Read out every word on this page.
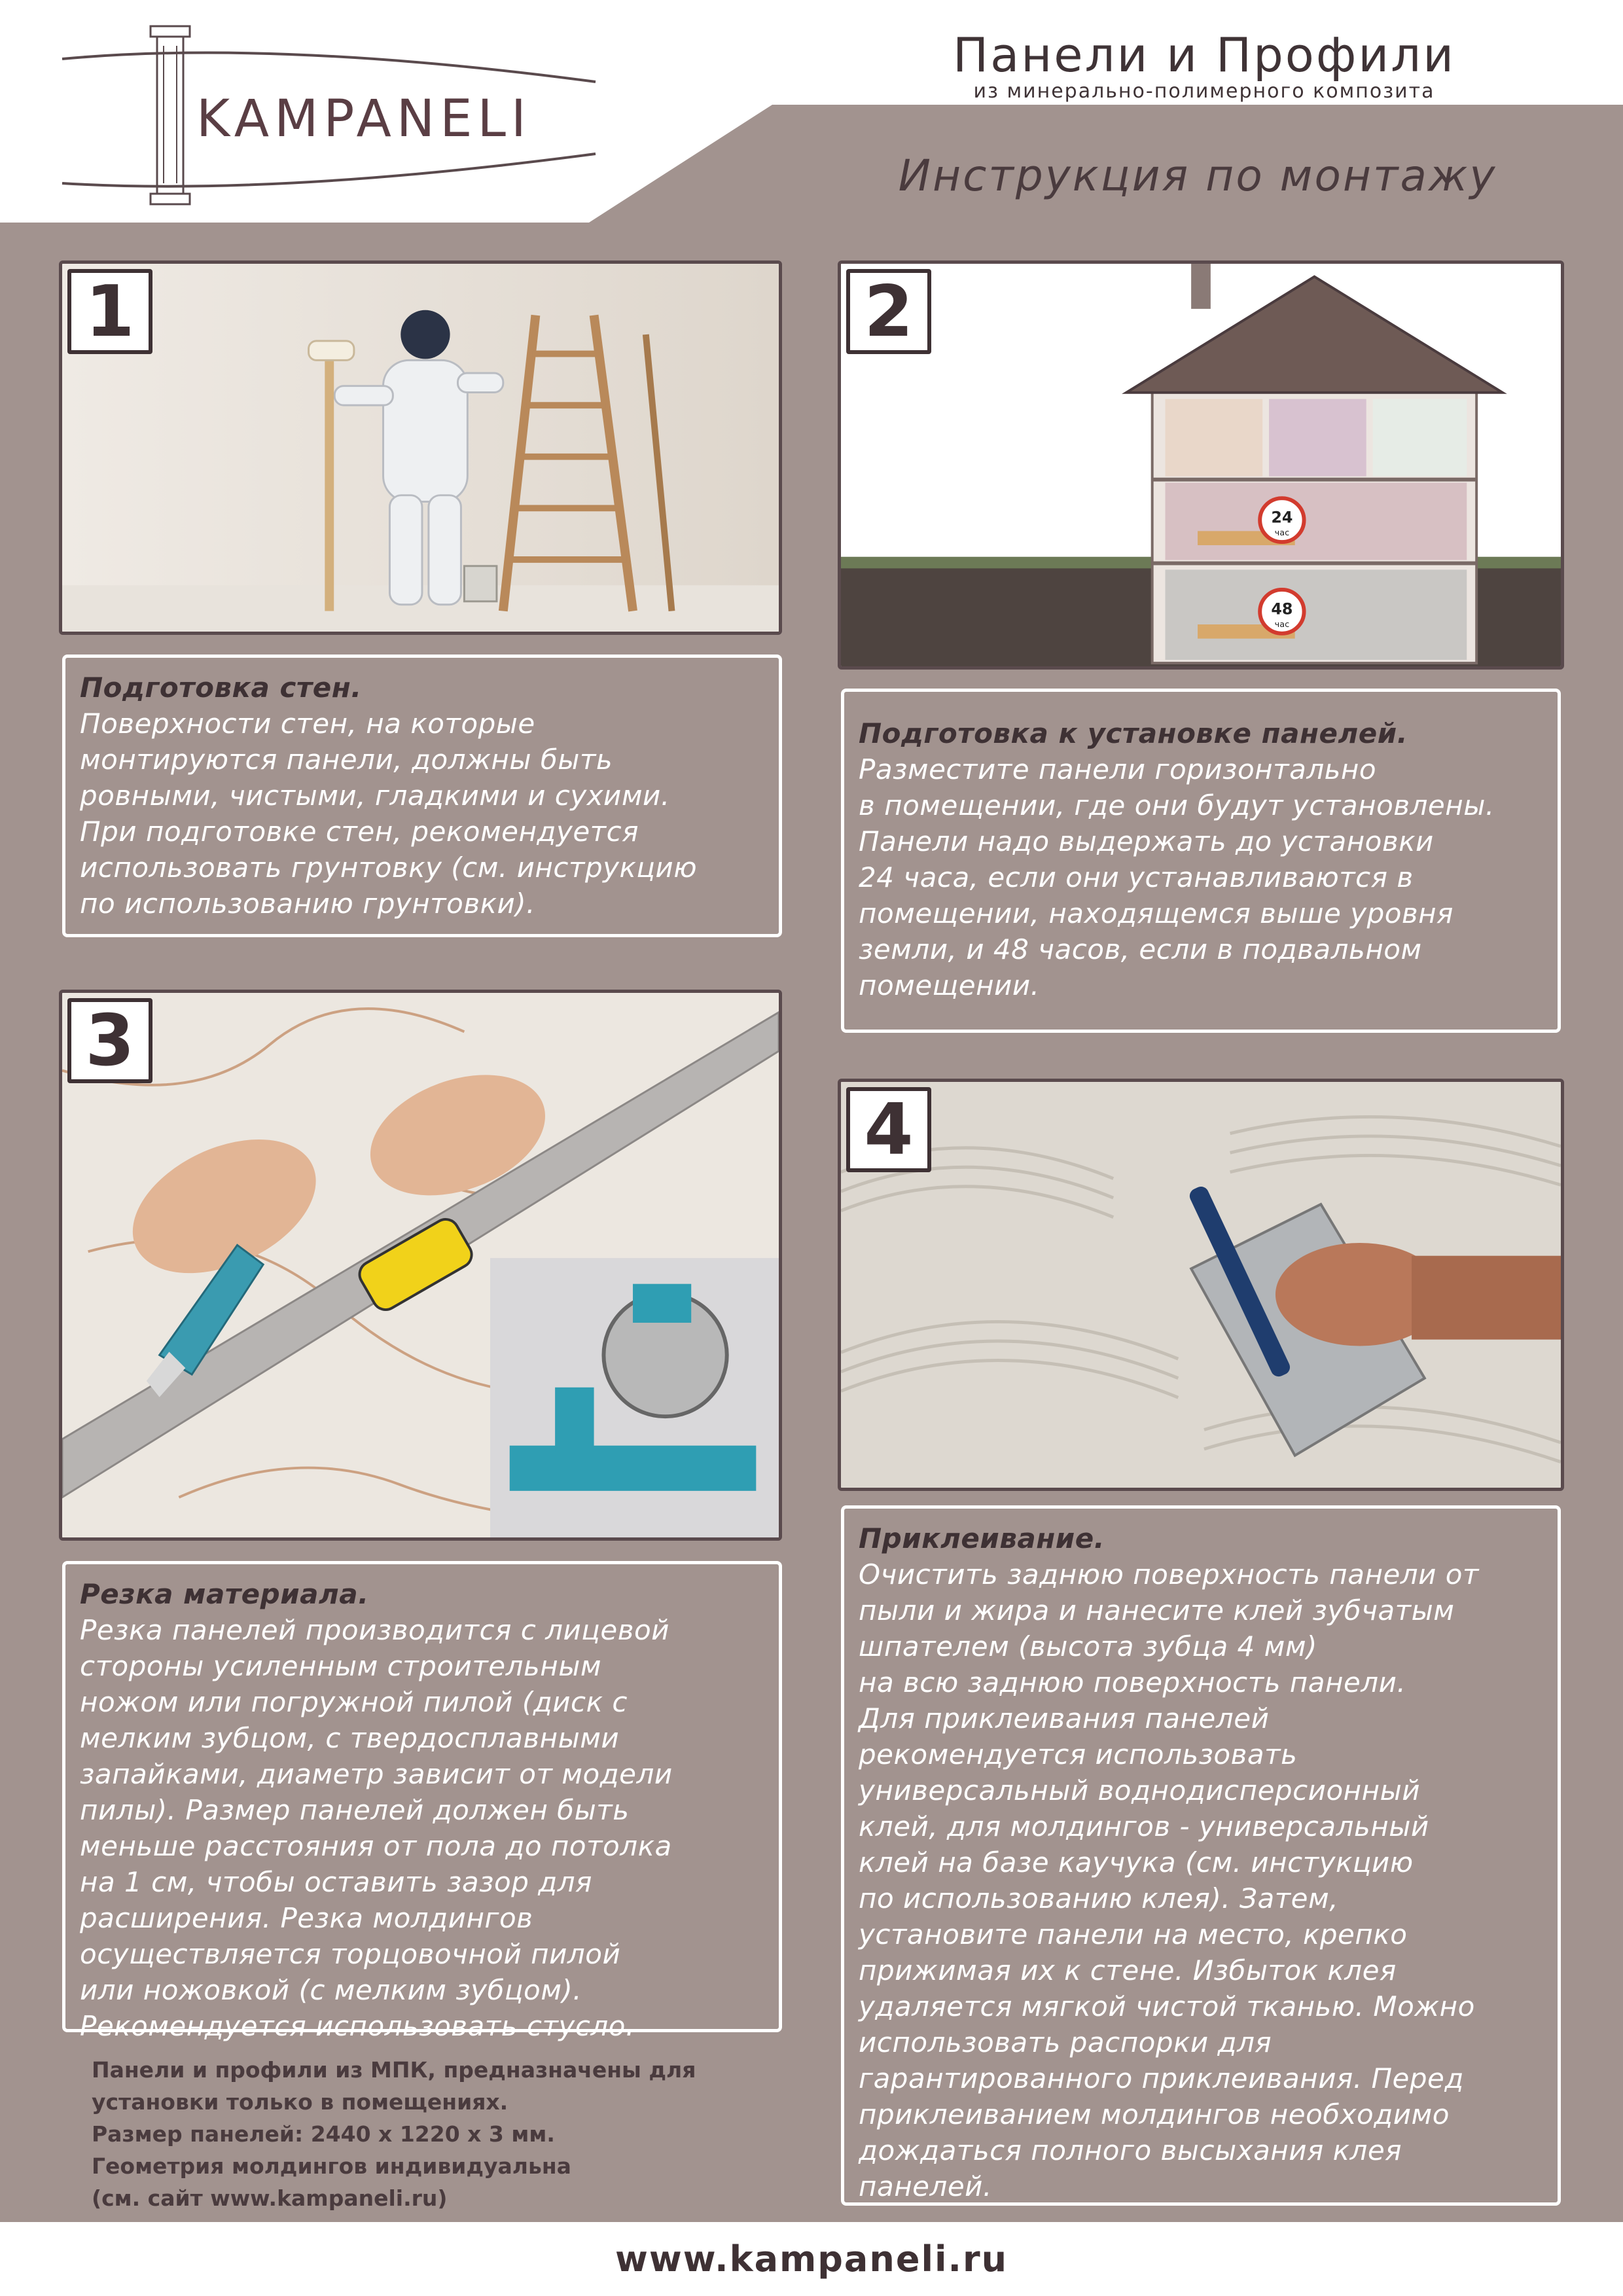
KAMPANELI
Панели и Профили
из минерально-полимерного композита
Инструкция по монтажу
1
Подготовка стен.

Поверхности стен, на которые
монтируются панели, должны быть
ровными, чистыми, гладкими и сухими.
При подготовке стен, рекомендуется
использовать грунтовку (см. инструкцию
по использованию грунтовки).

24
час
48
час
2
Подготовка к установке панелей.

Разместите панели горизонтально
в помещении, где они будут установлены.
Панели надо выдержать до установки
24 часа, если они устанавливаются в
помещении, находящемся выше уровня
земли, и 48 часов, если в подвальном
помещении.

3
Резка материала.

Резка панелей производится с лицевой
стороны усиленным строительным
ножом или погружной пилой (диск с
мелким зубцом, с твердосплавными
запайками, диаметр зависит от модели
пилы). Размер панелей должен быть
меньше расстояния от пола до потолка
на 1 см, чтобы оставить зазор для
расширения. Резка молдингов
осуществляется торцовочной пилой
или ножовкой (с мелким зубцом).
Рекомендуется использовать стусло.

4
Приклеивание.

Очистить заднюю поверхность панели от
пыли и жира и нанесите клей зубчатым
шпателем (высота зубца 4 мм)
на всю заднюю поверхность панели.
Для приклеивания панелей
рекомендуется использовать
универсальный воднодисперсионный
клей, для молдингов - универсальный
клей на базе каучука (см. инстукцию
по использованию клея). Затем,
установите панели на место, крепко
прижимая их к стене. Избыток клея
удаляется мягкой чистой тканью. Можно
использовать распорки для
гарантированного приклеивания. Перед
приклеиванием молдингов необходимо
дождаться полного высыхания клея
панелей.

Панели и профили из МПК, предназначены для
установки только в помещениях.
Размер панелей: 2440 х 1220 х 3 мм.
Геометрия молдингов индивидуальна
(см. сайт www.kampaneli.ru)
www.kampaneli.ru
